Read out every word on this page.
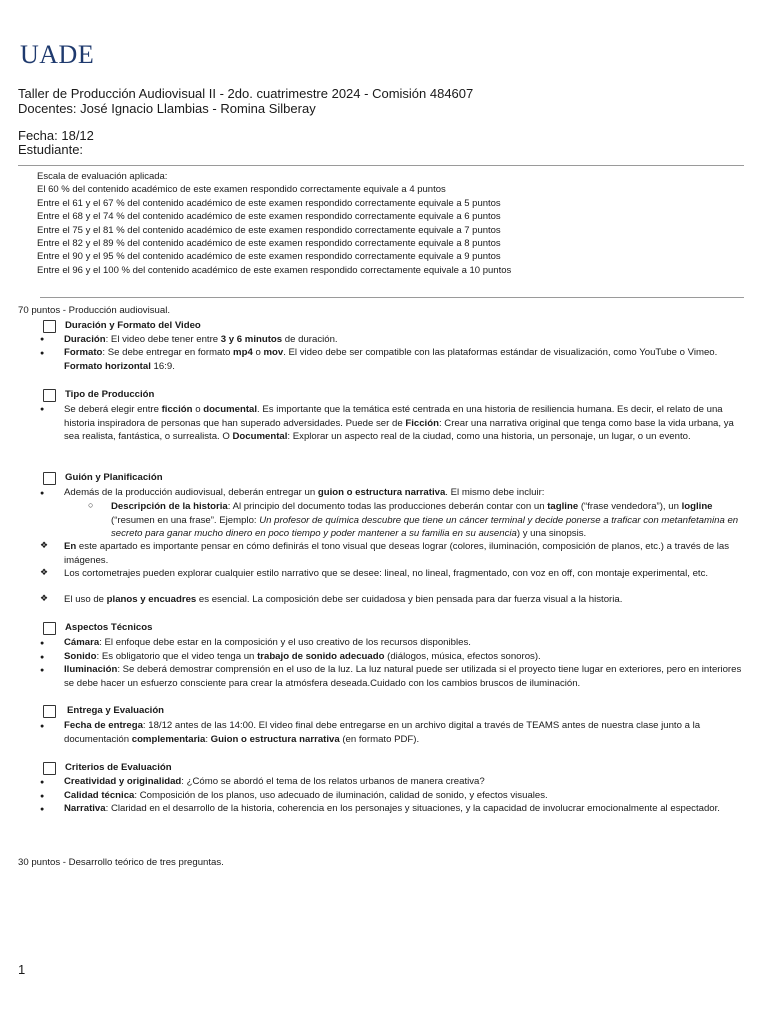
UADE
Taller de Producción Audiovisual II - 2do. cuatrimestre 2024 - Comisión 484607
Docentes: José Ignacio Llambias - Romina Silberay
Fecha: 18/12
Estudiante:
Escala de evaluación aplicada:
El 60 % del contenido académico de este examen respondido correctamente equivale a 4 puntos
Entre el 61 y el 67 % del contenido académico de este examen respondido correctamente equivale a 5 puntos
Entre el 68 y el 74 % del contenido académico de este examen respondido correctamente equivale a 6 puntos
Entre el 75 y el 81 % del contenido académico de este examen respondido correctamente equivale a 7 puntos
Entre el 82 y el 89 % del contenido académico de este examen respondido correctamente equivale a 8 puntos
Entre el 90 y el 95 % del contenido académico de este examen respondido correctamente equivale a 9 puntos
Entre el 96 y el 100 % del contenido académico de este examen respondido correctamente equivale a 10 puntos
70 puntos - Producción audiovisual.
Duración y Formato del Video
● Duración: El video debe tener entre 3 y 6 minutos de duración.
● Formato: Se debe entregar en formato mp4 o mov. El video debe ser compatible con las plataformas estándar de visualización, como YouTube o Vimeo. Formato horizontal 16:9.
Tipo de Producción
● Se deberá elegir entre ficción o documental. Es importante que la temática esté centrada en una historia de resiliencia humana. Es decir, el relato de una historia inspiradora de personas que han superado adversidades. Puede ser de Ficción: Crear una narrativa original que tenga como base la vida urbana, ya sea realista, fantástica, o surrealista. O Documental: Explorar un aspecto real de la ciudad, como una historia, un personaje, un lugar, o un evento.
Guión y Planificación
● Además de la producción audiovisual, deberán entregar un guion o estructura narrativa. El mismo debe incluir:
○ Descripción de la historia: Al principio del documento todas las producciones deberán contar con un tagline (“frase vendedora”), un logline (“resumen en una frase”. Ejemplo: Un profesor de química descubre que tiene un cáncer terminal y decide ponerse a traficar con metanfetamina en secreto para ganar mucho dinero en poco tiempo y poder mantener a su familia en su ausencia) y una sinopsis.
❖ En este apartado es importante pensar en cómo definirás el tono visual que deseas lograr (colores, iluminación, composición de planos, etc.) a través de las imágenes.
❖ Los cortometrajes pueden explorar cualquier estilo narrativo que se desee: lineal, no lineal, fragmentado, con voz en off, con montaje experimental, etc.
❖ El uso de planos y encuadres es esencial. La composición debe ser cuidadosa y bien pensada para dar fuerza visual a la historia.
Aspectos Técnicos
● Cámara: El enfoque debe estar en la composición y el uso creativo de los recursos disponibles.
● Sonido: Es obligatorio que el video tenga un trabajo de sonido adecuado (diálogos, música, efectos sonoros).
● Iluminación: Se deberá demostrar comprensión en el uso de la luz. La luz natural puede ser utilizada si el proyecto tiene lugar en exteriores, pero en interiores se debe hacer un esfuerzo consciente para crear la atmósfera deseada.Cuidado con los cambios bruscos de iluminación.
Entrega y Evaluación
● Fecha de entrega: 18/12 antes de las 14:00. El video final debe entregarse en un archivo digital a través de TEAMS antes de nuestra clase junto a la documentación complementaria: Guion o estructura narrativa (en formato PDF).
Criterios de Evaluación
● Creatividad y originalidad: ¿Cómo se abordó el tema de los relatos urbanos de manera creativa?
● Calidad técnica: Composición de los planos, uso adecuado de iluminación, calidad de sonido, y efectos visuales.
● Narrativa: Claridad en el desarrollo de la historia, coherencia en los personajes y situaciones, y la capacidad de involucrar emocionalmente al espectador.
30 puntos - Desarrollo teórico de tres preguntas.
1
